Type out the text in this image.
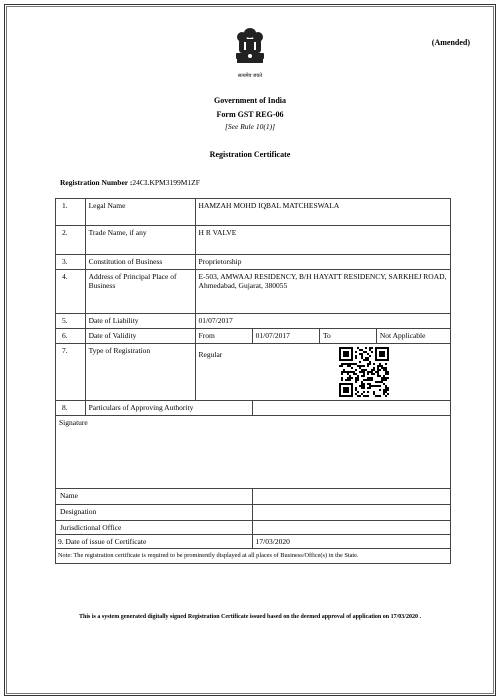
(Amended)
सत्यमेव जयते
Government of India
Form GST REG-06
[See Rule 10(1)]
Registration Certificate
Registration Number :24CLKPM3199M1ZF
1.	Legal Name	HAMZAH MOHD IQBAL MATCHESWALA			
2.	Trade Name, if any	H R VALVE			
3.	Constitution of Business	Proprietorship			
4.	Address of Principal Place of Business	E-503, AMWAAJ RESIDENCY, B/H HAYATT RESIDENCY, SARKHEJ ROAD, Ahmedabad, Gujarat, 380055			
5.	Date of Liability	01/07/2017			
6.	Date of Validity	From	01/07/2017	To	Not Applicable
7.	Type of Registration	Regular			

8.	Particulars of Approving Authority				
Signature					
Name					
Designation					
Jurisdictional Office					
9. Date of issue of Certificate			17/03/2020		
Note: The registration certificate is required to be prominently displayed at all places of Business/Office(s) in the State.					
This is a system generated digitally signed Registration Certificate issued based on the deemed approval of application on 17/03/2020 .
